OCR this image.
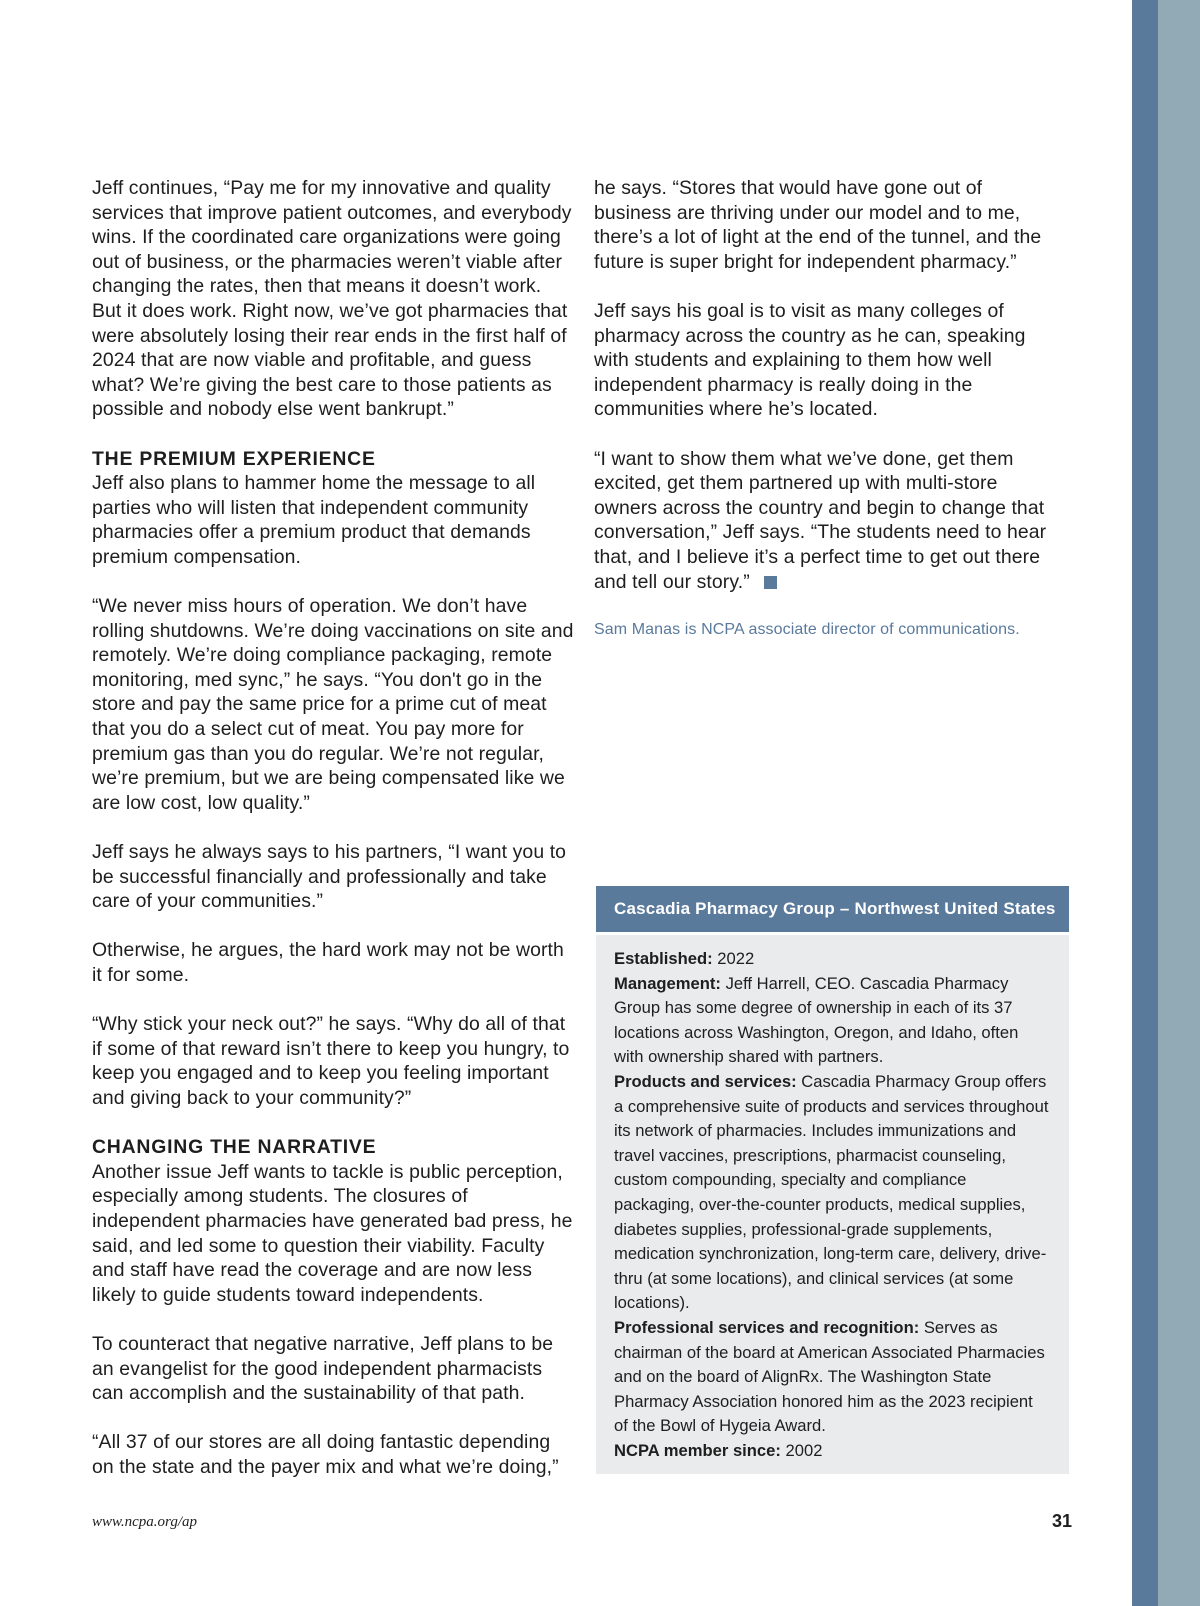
Jeff continues, “Pay me for my innovative and quality services that improve patient outcomes, and everybody wins. If the coordinated care organizations were going out of business, or the pharmacies weren’t viable after changing the rates, then that means it doesn’t work. But it does work. Right now, we’ve got pharmacies that were absolutely losing their rear ends in the first half of 2024 that are now viable and profitable, and guess what? We’re giving the best care to those patients as possible and nobody else went bankrupt.”

THE PREMIUM EXPERIENCE

Jeff also plans to hammer home the message to all parties who will listen that independent community pharmacies offer a premium product that demands premium compensation.

“We never miss hours of operation. We don’t have rolling shutdowns. We’re doing vaccinations on site and remotely. We’re doing compliance packaging, remote monitoring, med sync,” he says. “You don't go in the store and pay the same price for a prime cut of meat that you do a select cut of meat. You pay more for premium gas than you do regular. We’re not regular, we’re premium, but we are being compensated like we are low cost, low quality.”

Jeff says he always says to his partners, “I want you to be successful financially and professionally and take care of your communities.”

Otherwise, he argues, the hard work may not be worth it for some.

“Why stick your neck out?” he says. “Why do all of that if some of that reward isn’t there to keep you hungry, to keep you engaged and to keep you feeling important and giving back to your community?”

CHANGING THE NARRATIVE

Another issue Jeff wants to tackle is public perception, especially among students. The closures of independent pharmacies have generated bad press, he said, and led some to question their viability. Faculty and staff have read the coverage and are now less likely to guide students toward independents.

To counteract that negative narrative, Jeff plans to be an evangelist for the good independent pharmacists can accomplish and the sustainability of that path.

“All 37 of our stores are all doing fantastic depending on the state and the payer mix and what we’re doing,”

he says. “Stores that would have gone out of business are thriving under our model and to me, there’s a lot of light at the end of the tunnel, and the future is super bright for independent pharmacy.”

Jeff says his goal is to visit as many colleges of pharmacy across the country as he can, speaking with students and explaining to them how well independent pharmacy is really doing in the communities where he’s located.

“I want to show them what we’ve done, get them excited, get them partnered up with multi-store owners across the country and begin to change that conversation,” Jeff says. “The students need to hear that, and I believe it’s a perfect time to get out there and tell our story.”

Sam Manas is NCPA associate director of communications.
Cascadia Pharmacy Group – Northwest United States

Established: 2022

Management: Jeff Harrell, CEO. Cascadia Pharmacy Group has some degree of ownership in each of its 37 locations across Washington, Oregon, and Idaho, often with ownership shared with partners.

Products and services: Cascadia Pharmacy Group offers a comprehensive suite of products and services throughout its network of pharmacies. Includes immunizations and travel vaccines, prescriptions, pharmacist counseling, custom compounding, specialty and compliance packaging, over-the-counter products, medical supplies, diabetes supplies, professional-grade supplements, medication synchronization, long-term care, delivery, drive-thru (at some locations), and clinical services (at some locations).

Professional services and recognition: Serves as chairman of the board at American Associated Pharmacies and on the board of AlignRx. The Washington State Pharmacy Association honored him as the 2023 recipient of the Bowl of Hygeia Award.

NCPA member since: 2002

www.ncpa.org/ap	31
